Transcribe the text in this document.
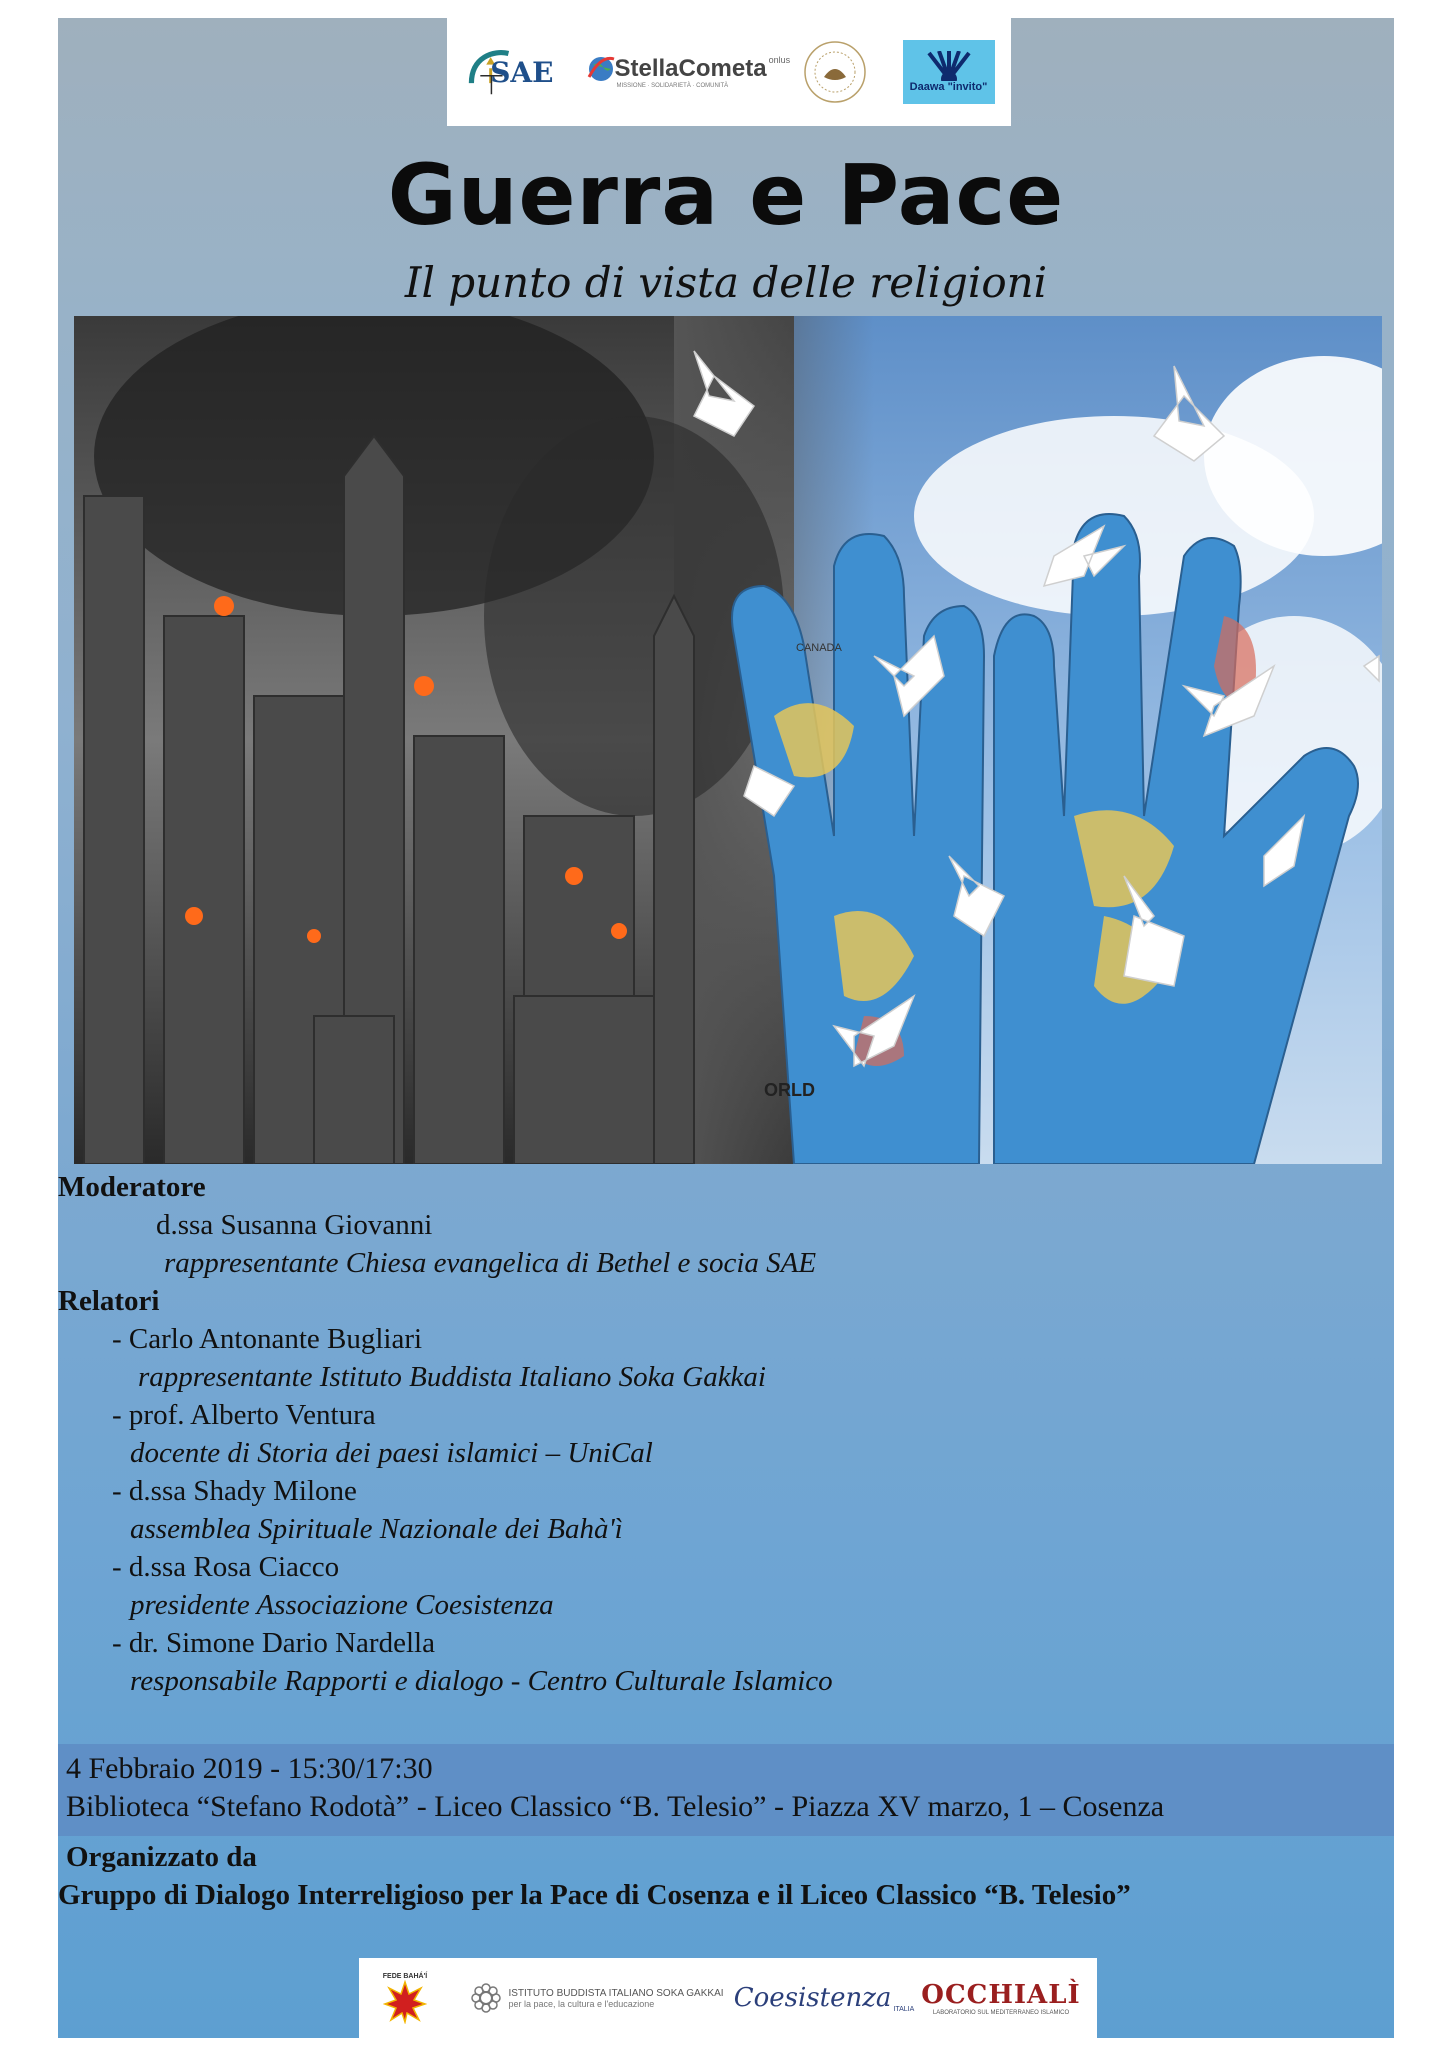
SAE	StellaCometa onlus
MISSIONE · SOLIDARIETÀ · COMUNITÀ	Daawa "invito"
Guerra e Pace
Il punto di vista delle religioni
CANADA
ORLD
Moderatore
d.ssa Susanna Giovanni
rappresentante Chiesa evangelica di Bethel e socia SAE
Relatori
- Carlo Antonante Bugliari
rappresentante Istituto Buddista Italiano Soka Gakkai
- prof. Alberto Ventura
docente di Storia dei paesi islamici – UniCal
- d.ssa Shady Milone
assemblea Spirituale Nazionale dei Bahà'ì
- d.ssa Rosa Ciacco
presidente Associazione Coesistenza
- dr. Simone Dario Nardella
responsabile Rapporti e dialogo - Centro Culturale Islamico
4 Febbraio 2019 - 15:30/17:30
Biblioteca “Stefano Rodotà” - Liceo Classico “B. Telesio” - Piazza XV marzo, 1 – Cosenza
Organizzato da
Gruppo di Dialogo Interreligioso per la Pace di Cosenza e il Liceo Classico “B. Telesio”
FEDE BAHÁ'Í
ISTITUTO BUDDISTA ITALIANO SOKA GAKKAI
per la pace, la cultura e l'educazione	Coesistenza ITALIA OCCHIALÌ
LABORATORIO SUL MEDITERRANEO ISLAMICO
